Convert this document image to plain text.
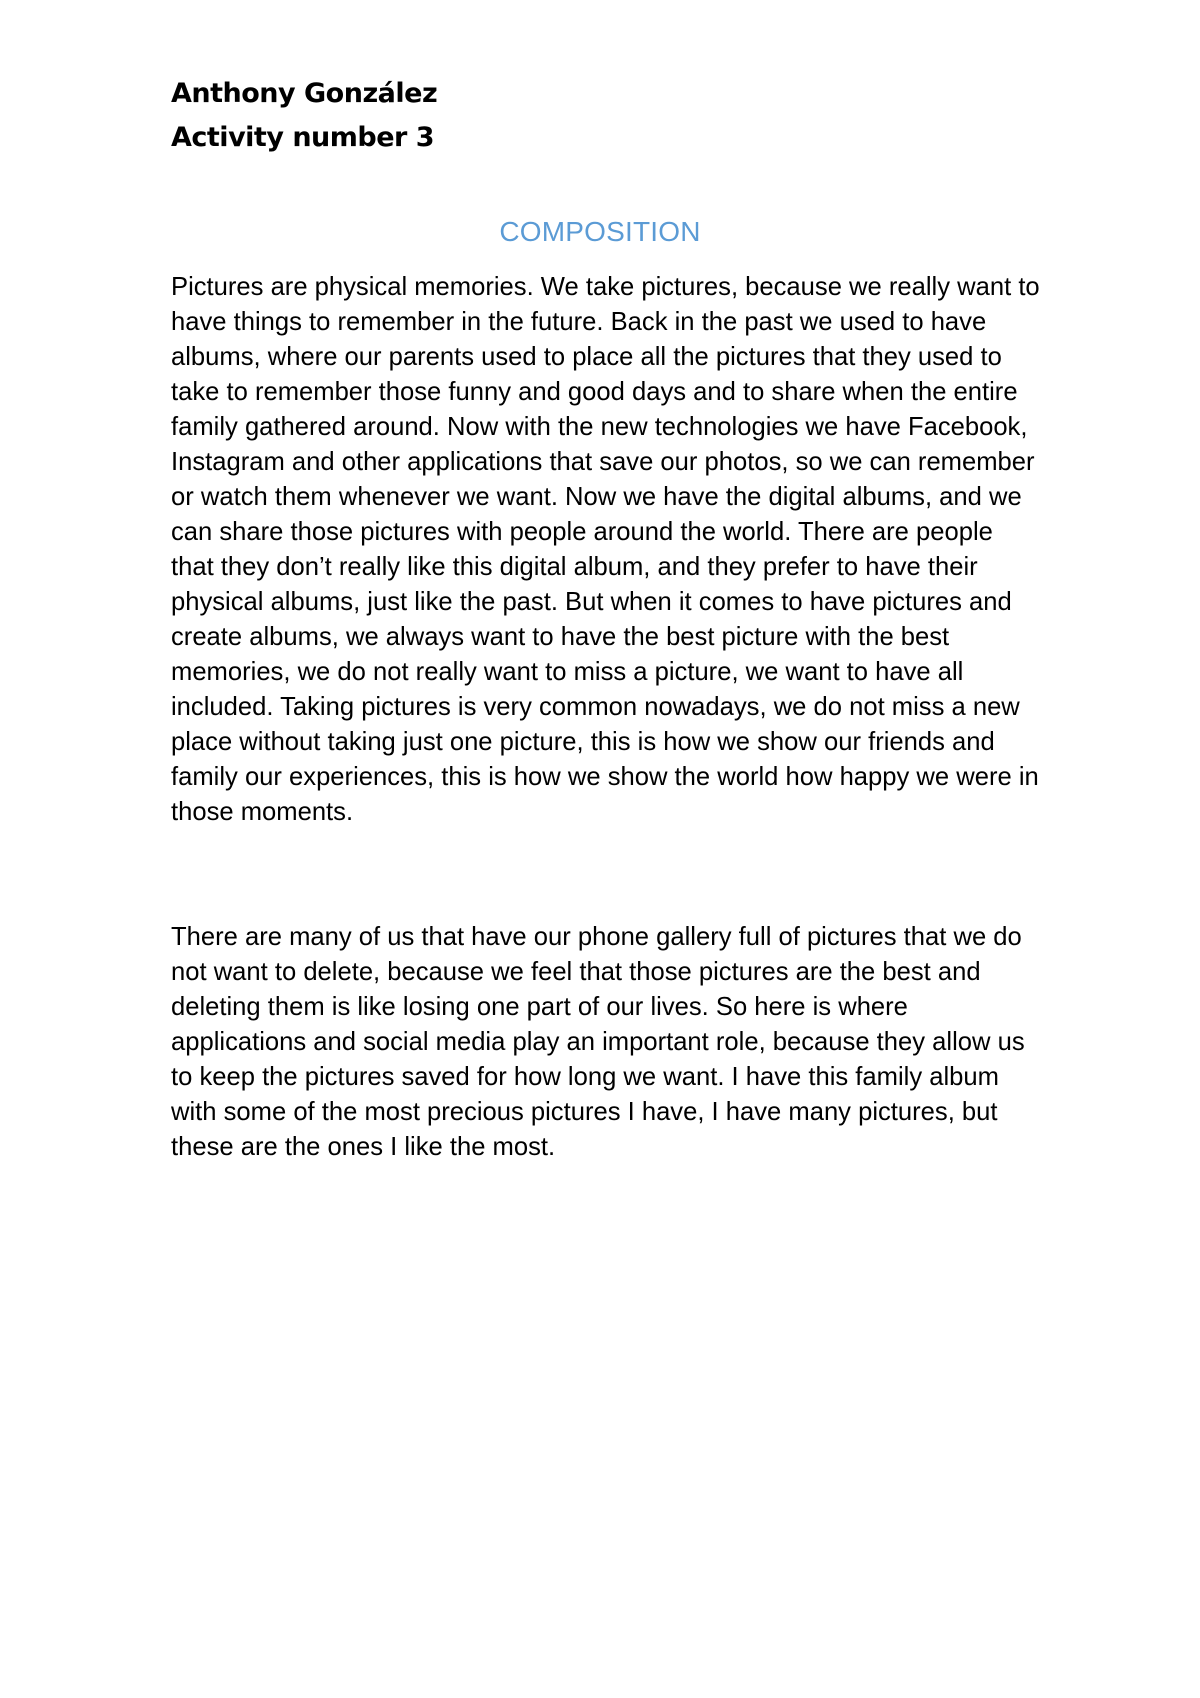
Anthony González
Activity number 3
COMPOSITION

Pictures are physical memories. We take pictures, because we really want to have things to remember in the future. Back in the past we used to have albums, where our parents used to place all the pictures that they used to take to remember those funny and good days and to share when the entire family gathered around. Now with the new technologies we have Facebook, Instagram and other applications that save our photos, so we can remember or watch them whenever we want. Now we have the digital albums, and we can share those pictures with people around the world. There are people that they don’t really like this digital album, and they prefer to have their physical albums, just like the past. But when it comes to have pictures and create albums, we always want to have the best picture with the best memories, we do not really want to miss a picture, we want to have all included. Taking pictures is very common nowadays, we do not miss a new place without taking just one picture, this is how we show our friends and family our experiences, this is how we show the world how happy we were in those moments.

There are many of us that have our phone gallery full of pictures that we do not want to delete, because we feel that those pictures are the best and deleting them is like losing one part of our lives. So here is where applications and social media play an important role, because they allow us to keep the pictures saved for how long we want. I have this family album with some of the most precious pictures I have, I have many pictures, but these are the ones I like the most.
